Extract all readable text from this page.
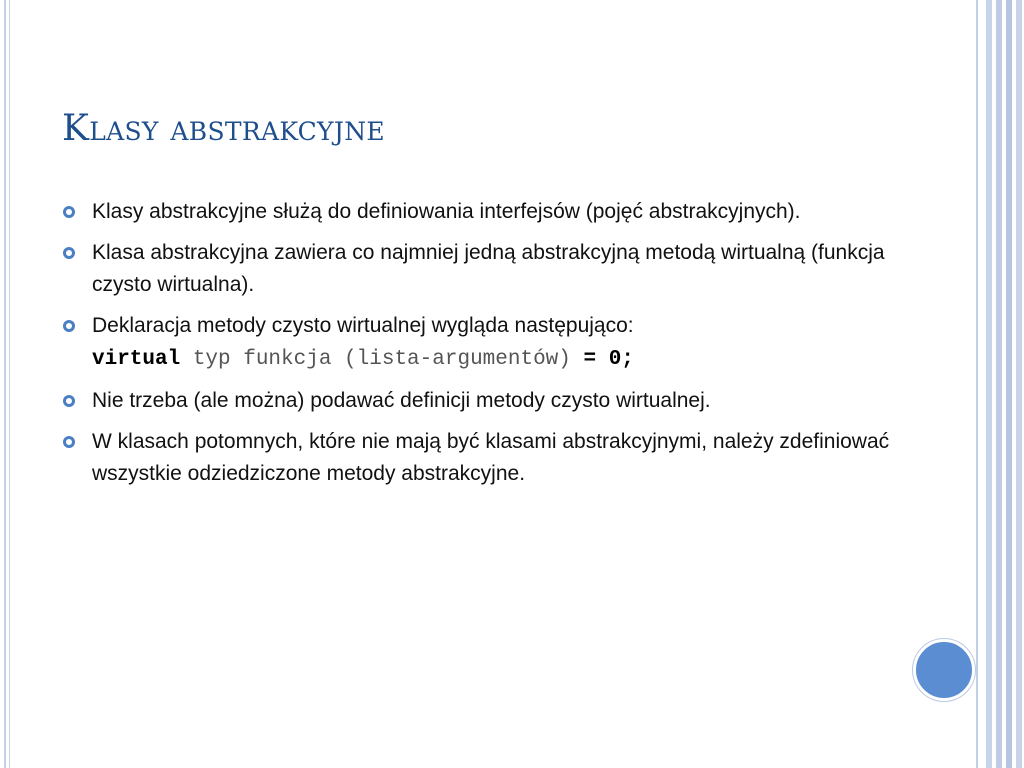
Klasy abstrakcyjne
Klasy abstrakcyjne służą do definiowania interfejsów (pojęć abstrakcyjnych).
Klasa abstrakcyjna zawiera co najmniej jedną abstrakcyjną metodą wirtualną (funkcja czysto wirtualna).
Deklaracja metody czysto wirtualnej wygląda następująco:
virtual typ funkcja (lista-argumentów) = 0;
Nie trzeba (ale można) podawać definicji metody czysto wirtualnej.
W klasach potomnych, które nie mają być klasami abstrakcyjnymi, należy zdefiniować wszystkie odziedziczone metody abstrakcyjne.
